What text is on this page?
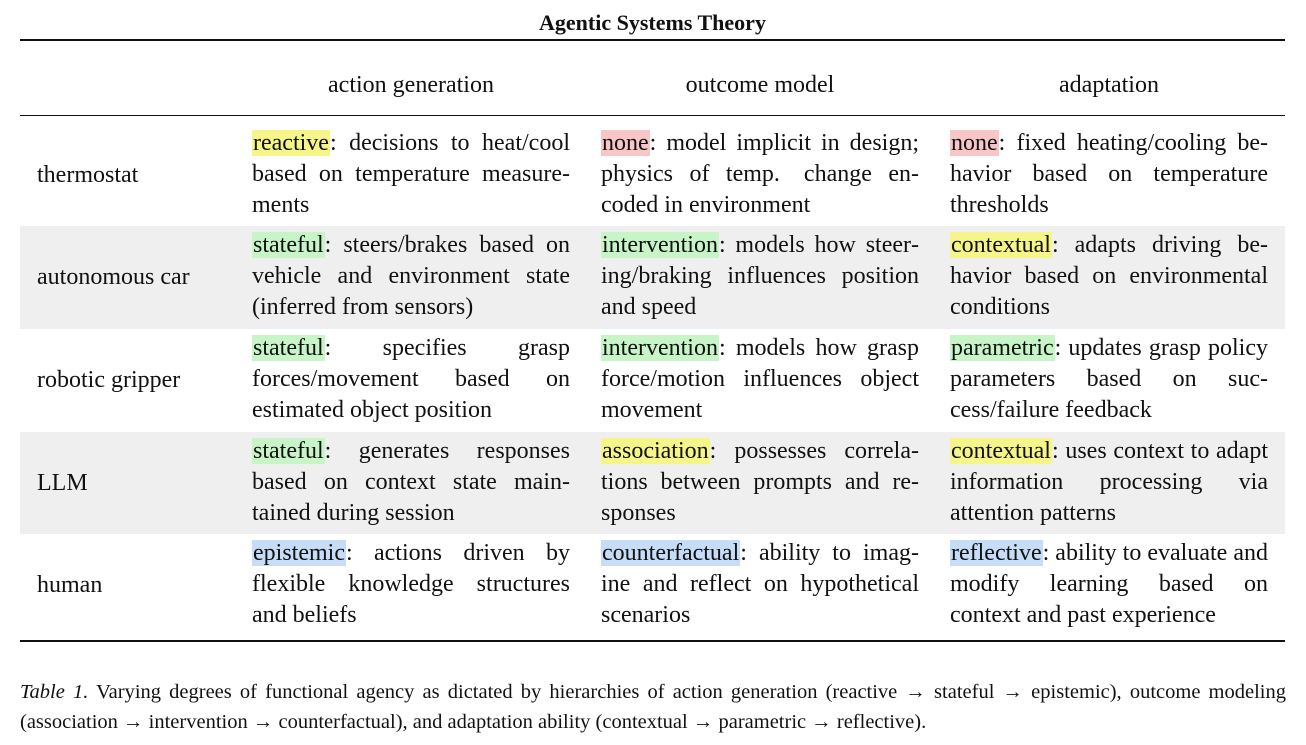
Agentic Systems Theory
action generation	outcome model	adaptation
thermostat
reactive: decisions to heat/cool based on temperature measurements
none: model implicit in design; physics of temp. change encoded in environment
none: fixed heating/cooling behavior based on temperature thresholds
autonomous car
stateful: steers/brakes based on vehicle and environment state (inferred from sensors)
intervention: models how steering/braking influences position and speed
contextual: adapts driving behavior based on environmental conditions
robotic gripper
stateful: specifies grasp forces/movement based on estimated object position
intervention: models how grasp force/motion influences object movement
parametric: updates grasp policy parameters based on success/failure feedback
LLM
stateful: generates responses based on context state maintained during session
association: possesses correlations between prompts and responses
contextual: uses context to adapt information processing via attention patterns
human
epistemic: actions driven by flexible knowledge structures and beliefs
counterfactual: ability to imagine and reflect on hypothetical scenarios
reflective: ability to evaluate and modify learning based on context and past experience
Table 1. Varying degrees of functional agency as dictated by hierarchies of action generation (reactive → stateful → epistemic), outcome modeling (association → intervention → counterfactual), and adaptation ability (contextual → parametric → reflective).
